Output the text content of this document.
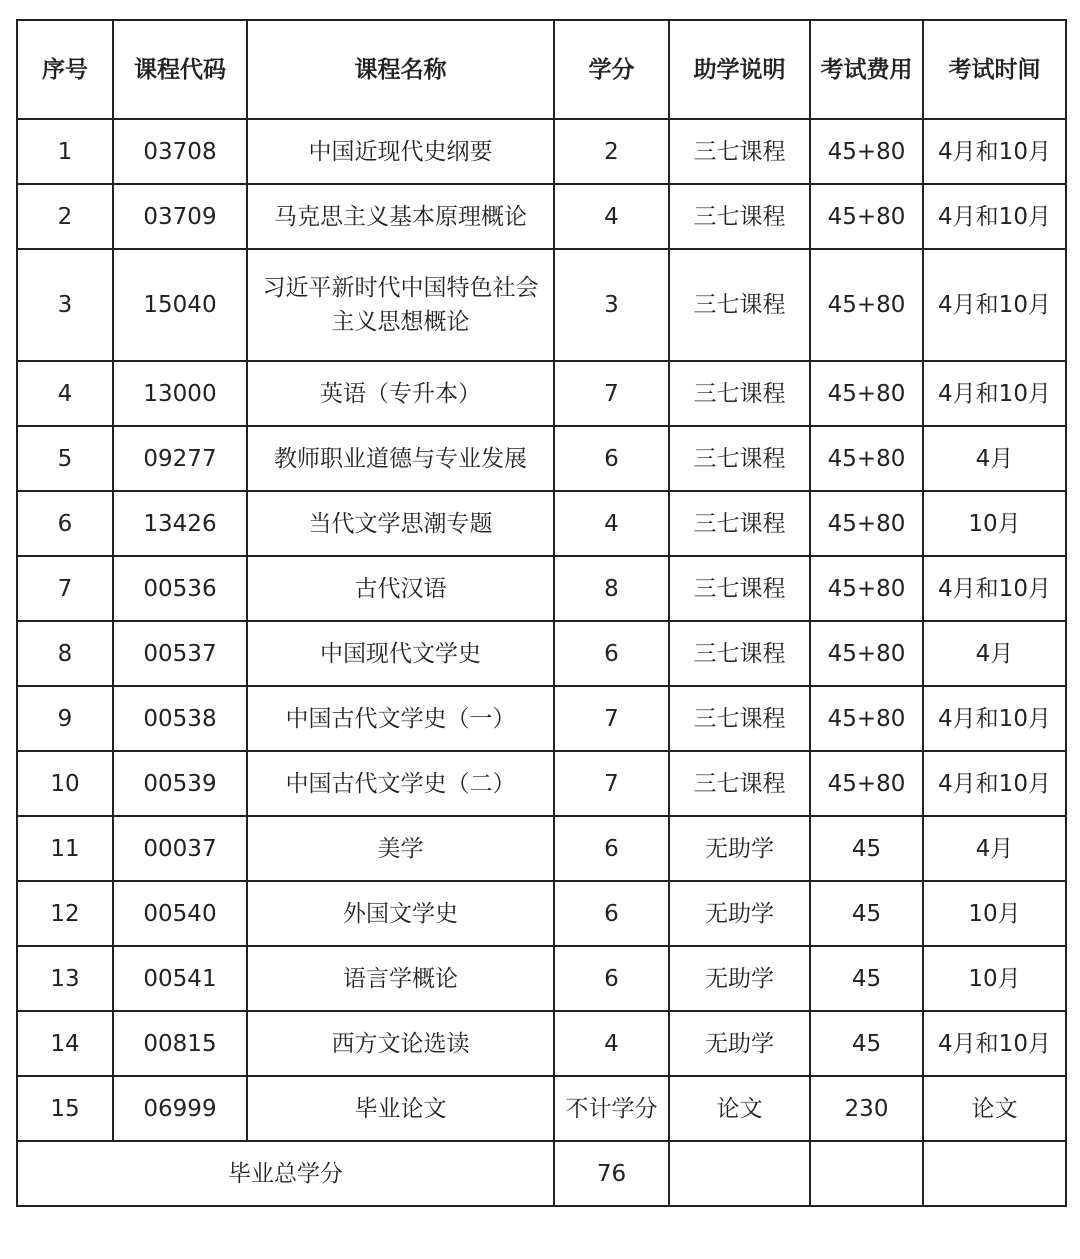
序号	课程代码	课程名称	学分	助学说明	考试费用	考试时间
1	03708	中国近现代史纲要	2	三七课程	45+80	4月和10月
2	03709	马克思主义基本原理概论	4	三七课程	45+80	4月和10月
3	15040	习近平新时代中国特色社会主义思想概论	3	三七课程	45+80	4月和10月
4	13000	英语（专升本）	7	三七课程	45+80	4月和10月
5	09277	教师职业道德与专业发展	6	三七课程	45+80	4月
6	13426	当代文学思潮专题	4	三七课程	45+80	10月
7	00536	古代汉语	8	三七课程	45+80	4月和10月
8	00537	中国现代文学史	6	三七课程	45+80	4月
9	00538	中国古代文学史（一）	7	三七课程	45+80	4月和10月
10	00539	中国古代文学史（二）	7	三七课程	45+80	4月和10月
11	00037	美学	6	无助学	45	4月
12	00540	外国文学史	6	无助学	45	10月
13	00541	语言学概论	6	无助学	45	10月
14	00815	西方文论选读	4	无助学	45	4月和10月
15	06999	毕业论文	不计学分	论文	230	论文
毕业总学分			76			
